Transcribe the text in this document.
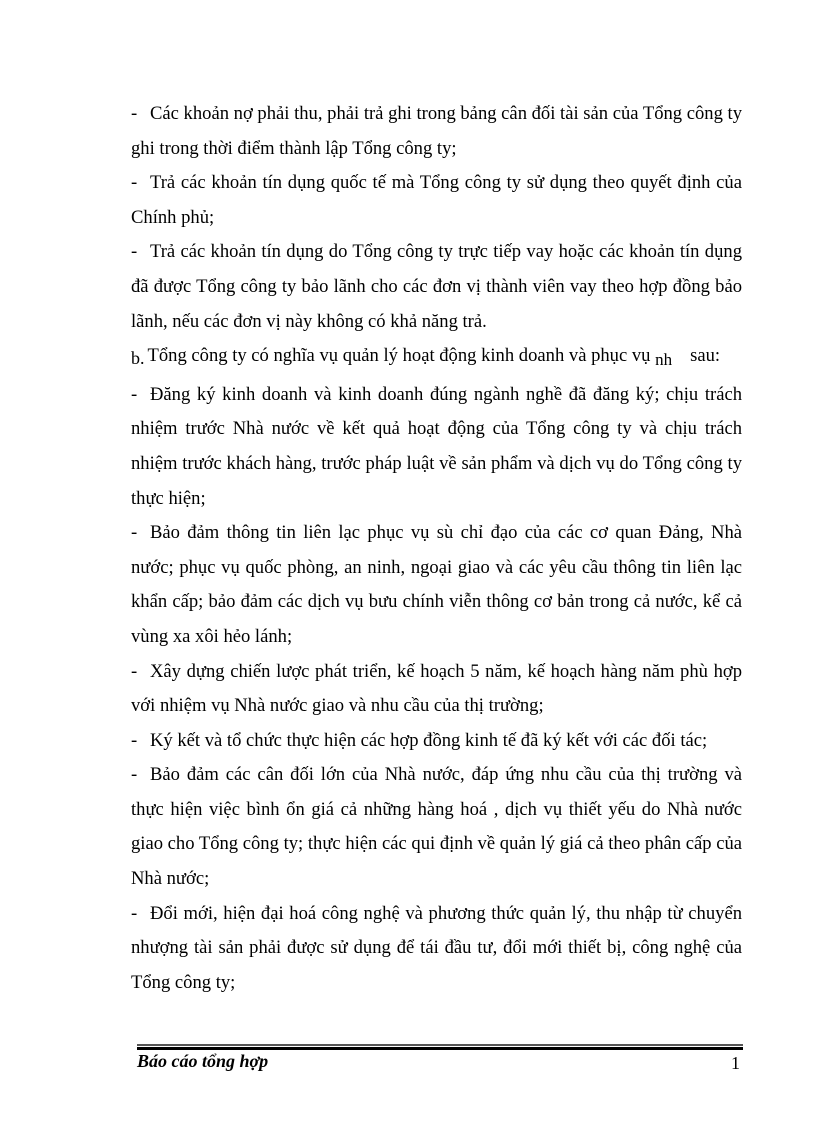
- Các khoản nợ phải thu, phải trả ghi trong bảng cân đối tài sản của Tổng công ty ghi trong thời điểm thành lập Tổng công ty;

- Trả các khoản tín dụng quốc tế mà Tổng công ty sử dụng theo quyết định của Chính phủ;

- Trả các khoản tín dụng do Tổng công ty trực tiếp vay hoặc các khoản tín dụng đã được Tổng công ty bảo lãnh cho các đơn vị thành viên vay theo hợp đồng bảo lãnh, nếu các đơn vị này không có khả năng trả.

b. Tổng công ty có nghĩa vụ quản lý hoạt động kinh doanh và phục vụ nh sau:

- Đăng ký kinh doanh và kinh doanh đúng ngành nghề đã đăng ký; chịu trách nhiệm trước Nhà nước về kết quả hoạt động của Tổng công ty và chịu trách nhiệm trước khách hàng, trước pháp luật về sản phẩm và dịch vụ do Tổng công ty thực hiện;

- Bảo đảm thông tin liên lạc phục vụ sù chỉ đạo của các cơ quan Đảng, Nhà nước; phục vụ quốc phòng, an ninh, ngoại giao và các yêu cầu thông tin liên lạc khẩn cấp; bảo đảm các dịch vụ bưu chính viễn thông cơ bản trong cả nước, kể cả vùng xa xôi hẻo lánh;

- Xây dựng chiến lược phát triển, kế hoạch 5 năm, kế hoạch hàng năm phù hợp với nhiệm vụ Nhà nước giao và nhu cầu của thị trường;

- Ký kết và tổ chức thực hiện các hợp đồng kinh tế đã ký kết với các đối tác;

- Bảo đảm các cân đối lớn của Nhà nước, đáp ứng nhu cầu của thị trường và thực hiện việc bình ổn giá cả những hàng hoá , dịch vụ thiết yếu do Nhà nước giao cho Tổng công ty; thực hiện các qui định về quản lý giá cả theo phân cấp của Nhà nước;

- Đổi mới, hiện đại hoá công nghệ và phương thức quản lý, thu nhập từ chuyển nhượng tài sản phải được sử dụng để tái đầu tư, đổi mới thiết bị, công nghệ của Tổng công ty;

Báo cáo tổng hợp	1
